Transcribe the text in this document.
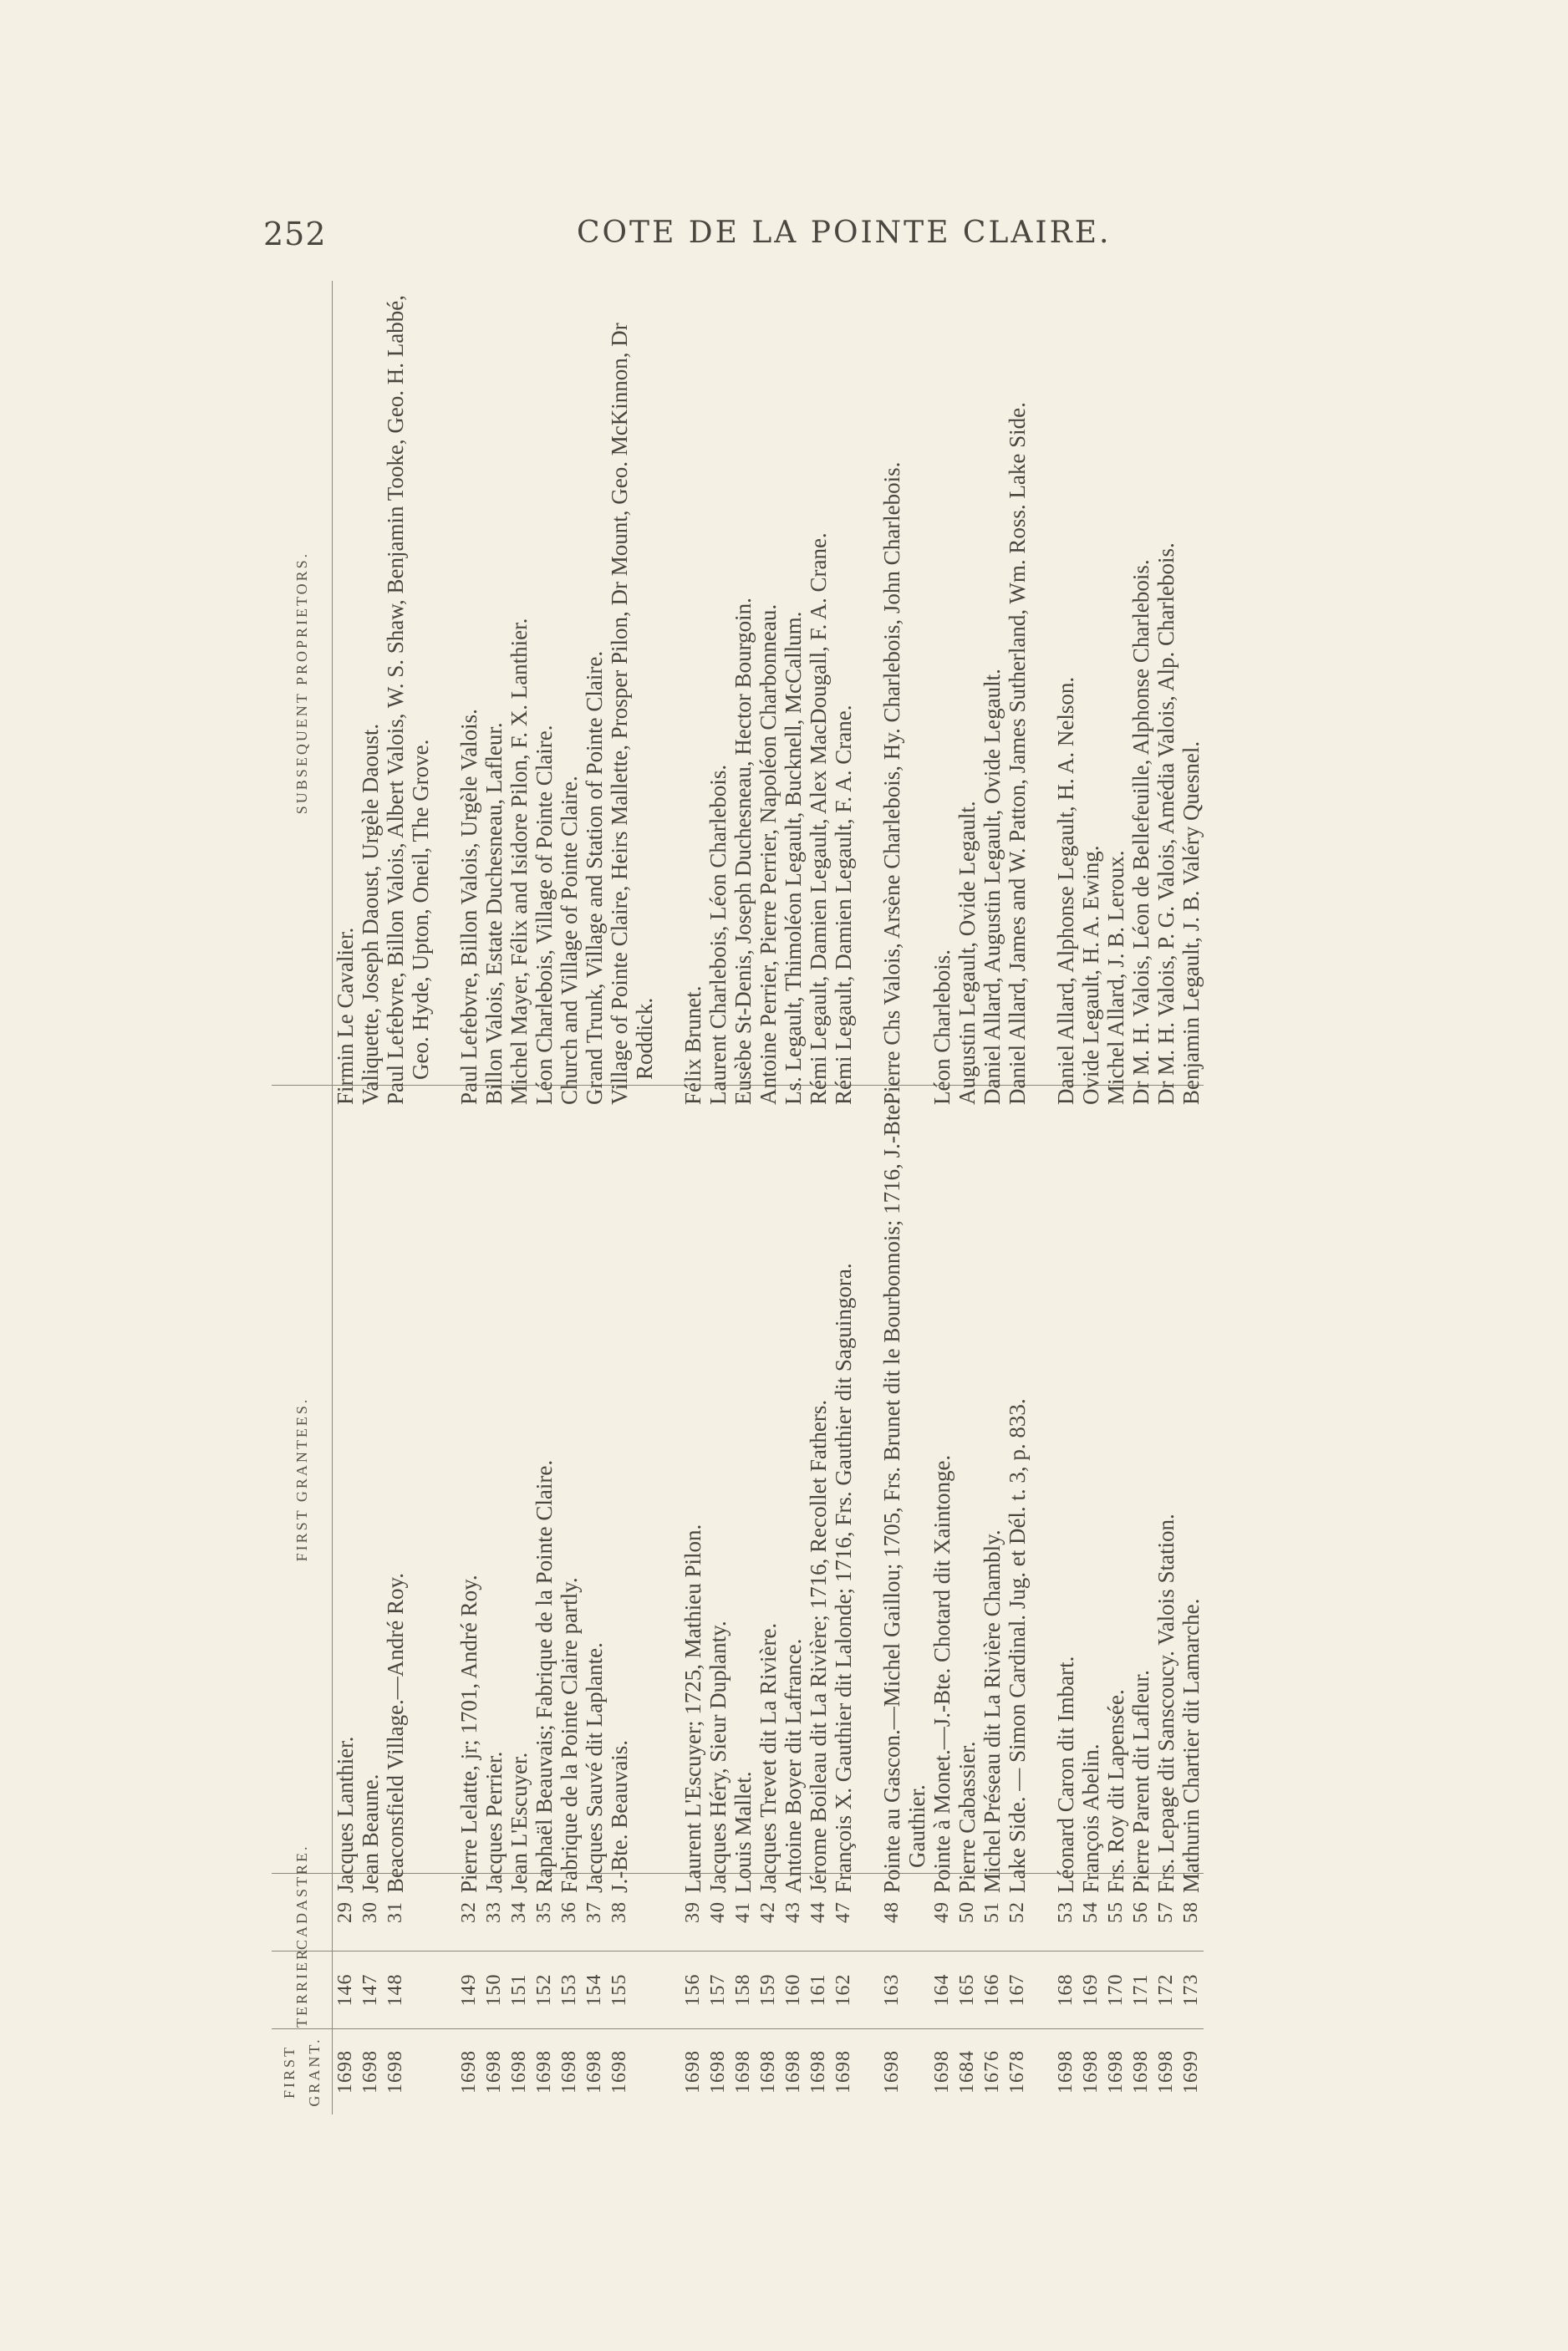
252	COTE DE LA POINTE CLAIRE.
FIRST GRANT.	TERRIER	CADASTRE.	FIRST GRANTEES.	SUBSEQUENT PROPRIETORS.
1698	146	29	Jacques Lanthier.	Firmin Le Cavalier.
1698	147	30	Jean Beaune.	Valiquette, Joseph Daoust, Urgèle Daoust.
1698	148	31	Beaconsfield Village.—André Roy.	Paul Lefebvre, Billon Valois, Albert Valois, W. S. Shaw, Benjamin Tooke, Geo. H. Labbé, Geo. Hyde, Upton, Oneil, The Grove.

1698	149	32	Pierre Lelatte, jr; 1701, André Roy.	Paul Lefebvre, Billon Valois, Urgèle Valois.
1698	150	33	Jacques Perrier.	Billon Valois, Estate Duchesneau, Lafleur.
1698	151	34	Jean L'Escuyer.	Michel Mayer, Félix and Isidore Pilon, F. X. Lanthier.
1698	152	35	Raphaël Beauvais; Fabrique de la Pointe Claire.	Léon Charlebois, Village of Pointe Claire.
1698	153	36	Fabrique de la Pointe Claire partly.	Church and Village of Pointe Claire.
1698	154	37	Jacques Sauvé dit Laplante.	Grand Trunk, Village and Station of Pointe Claire.
1698	155	38	J.-Bte. Beauvais.	Village of Pointe Claire, Heirs Mallette, Prosper Pilon, Dr Mount, Geo. McKinnon, Dr Roddick.

1698	156	39	Laurent L'Escuyer; 1725, Mathieu Pilon.	Félix Brunet.
1698	157	40	Jacques Héry, Sieur Duplanty.	Laurent Charlebois, Léon Charlebois.
1698	158	41	Louis Mallet.	Eusèbe St-Denis, Joseph Duchesneau, Hector Bourgoin.
1698	159	42	Jacques Trevet dit La Rivière.	Antoine Perrier, Pierre Perrier, Napoléon Charbonneau.
1698	160	43	Antoine Boyer dit Lafrance.	Ls. Legault, Thimoléon Legault, Bucknell, McCallum.
1698	161	44	Jérome Boileau dit La Rivière; 1716, Recollet Fathers.	Rémi Legault, Damien Legault, Alex MacDougall, F. A. Crane.
1698	162	47	François X. Gauthier dit Lalonde; 1716, Frs. Gauthier dit Saguingora.	Rémi Legault, Damien Legault, F. A. Crane.

1698	163	48	Pointe au Gascon.—Michel Gaillou; 1705, Frs. Brunet dit le Bourbonnois; 1716, J.-Bte. Gauthier.	Pierre Chs Valois, Arsène Charlebois, Hy. Charlebois, John Charlebois.
1698	164	49	Pointe à Monet.—J.-Bte. Chotard dit Xaintonge.	Léon Charlebois.
1684	165	50	Pierre Cabassier.	Augustin Legault, Ovide Legault.
1676	166	51	Michel Préseau dit La Rivière Chambly.	Daniel Allard, Augustin Legault, Ovide Legault.
1678	167	52	Lake Side. — Simon Cardinal. Jug. et Dél. t. 3, p. 833.	Daniel Allard, James and W. Patton, James Sutherland, Wm. Ross. Lake Side.

1698	168	53	Léonard Caron dit Imbart.	Daniel Allard, Alphonse Legault, H. A. Nelson.
1698	169	54	François Abelin.	Ovide Legault, H. A. Ewing.
1698	170	55	Frs. Roy dit Lapensée.	Michel Allard, J. B. Leroux.
1698	171	56	Pierre Parent dit Lafleur.	Dr M. H. Valois, Léon de Bellefeuille, Alphonse Charlebois.
1698	172	57	Frs. Lepage dit Sanscoucy. Valois Station.	Dr M. H. Valois, P. G. Valois, Amédia Valois, Alp. Charlebois.
1699	173	58	Mathurin Chartier dit Lamarche.	Benjamin Legault, J. B. Valéry Quesnel.
